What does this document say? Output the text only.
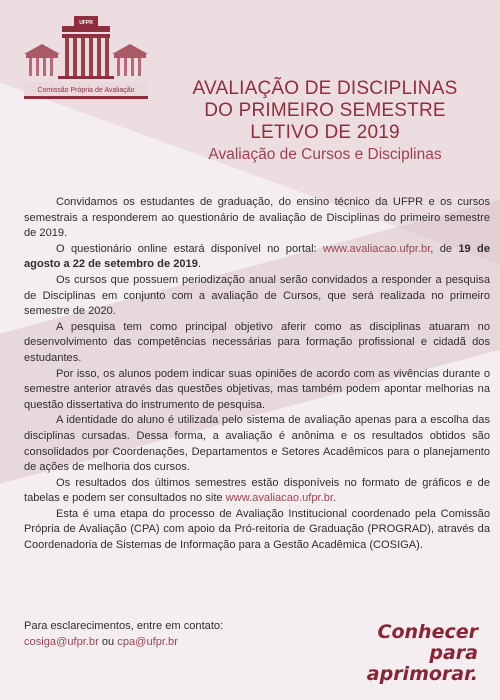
UFPR
Comissão Própria de Avaliação	AVALIAÇÃO DE DISCIPLINAS
DO PRIMEIRO SEMESTRE
LETIVO DE 2019
Avaliação de Cursos e Disciplinas

Convidamos os estudantes de graduação, do ensino técnico da UFPR e os cursos semestrais a responderem ao questionário de avaliação de Disciplinas do primeiro semestre de 2019.

O questionário online estará disponível no portal: www.avaliacao.ufpr.br, de 19 de agosto a 22 de setembro de 2019.

Os cursos que possuem periodização anual serão convidados a responder a pesquisa de Disciplinas em conjunto com a avaliação de Cursos, que será realizada no primeiro semestre de 2020.

A pesquisa tem como principal objetivo aferir como as disciplinas atuaram no desenvolvimento das competências necessárias para formação profissional e cidadã dos estudantes.

Por isso, os alunos podem indicar suas opiniões de acordo com as vivências durante o semestre anterior através das questões objetivas, mas também podem apontar melhorias na questão dissertativa do instrumento de pesquisa.

A identidade do aluno é utilizada pelo sistema de avaliação apenas para a escolha das disciplinas cursadas. Dessa forma, a avaliação é anônima e os resultados obtidos são consolidados por Coordenações, Departamentos e Setores Acadêmicos para o planejamento de ações de melhoria dos cursos.

Os resultados dos últimos semestres estão disponíveis no formato de gráficos e de tabelas e podem ser consultados no site www.avaliacao.ufpr.br.

Esta é uma etapa do processo de Avaliação Institucional coordenado pela Comissão Própria de Avaliação (CPA) com apoio da Pró-reitoria de Graduação (PROGRAD), através da Coordenadoria de Sistemas de Informação para a Gestão Acadêmica (COSIGA).

Para esclarecimentos, entre em contato:
cosiga@ufpr.br ou cpa@ufpr.br	Conhecer
para
aprimorar.
